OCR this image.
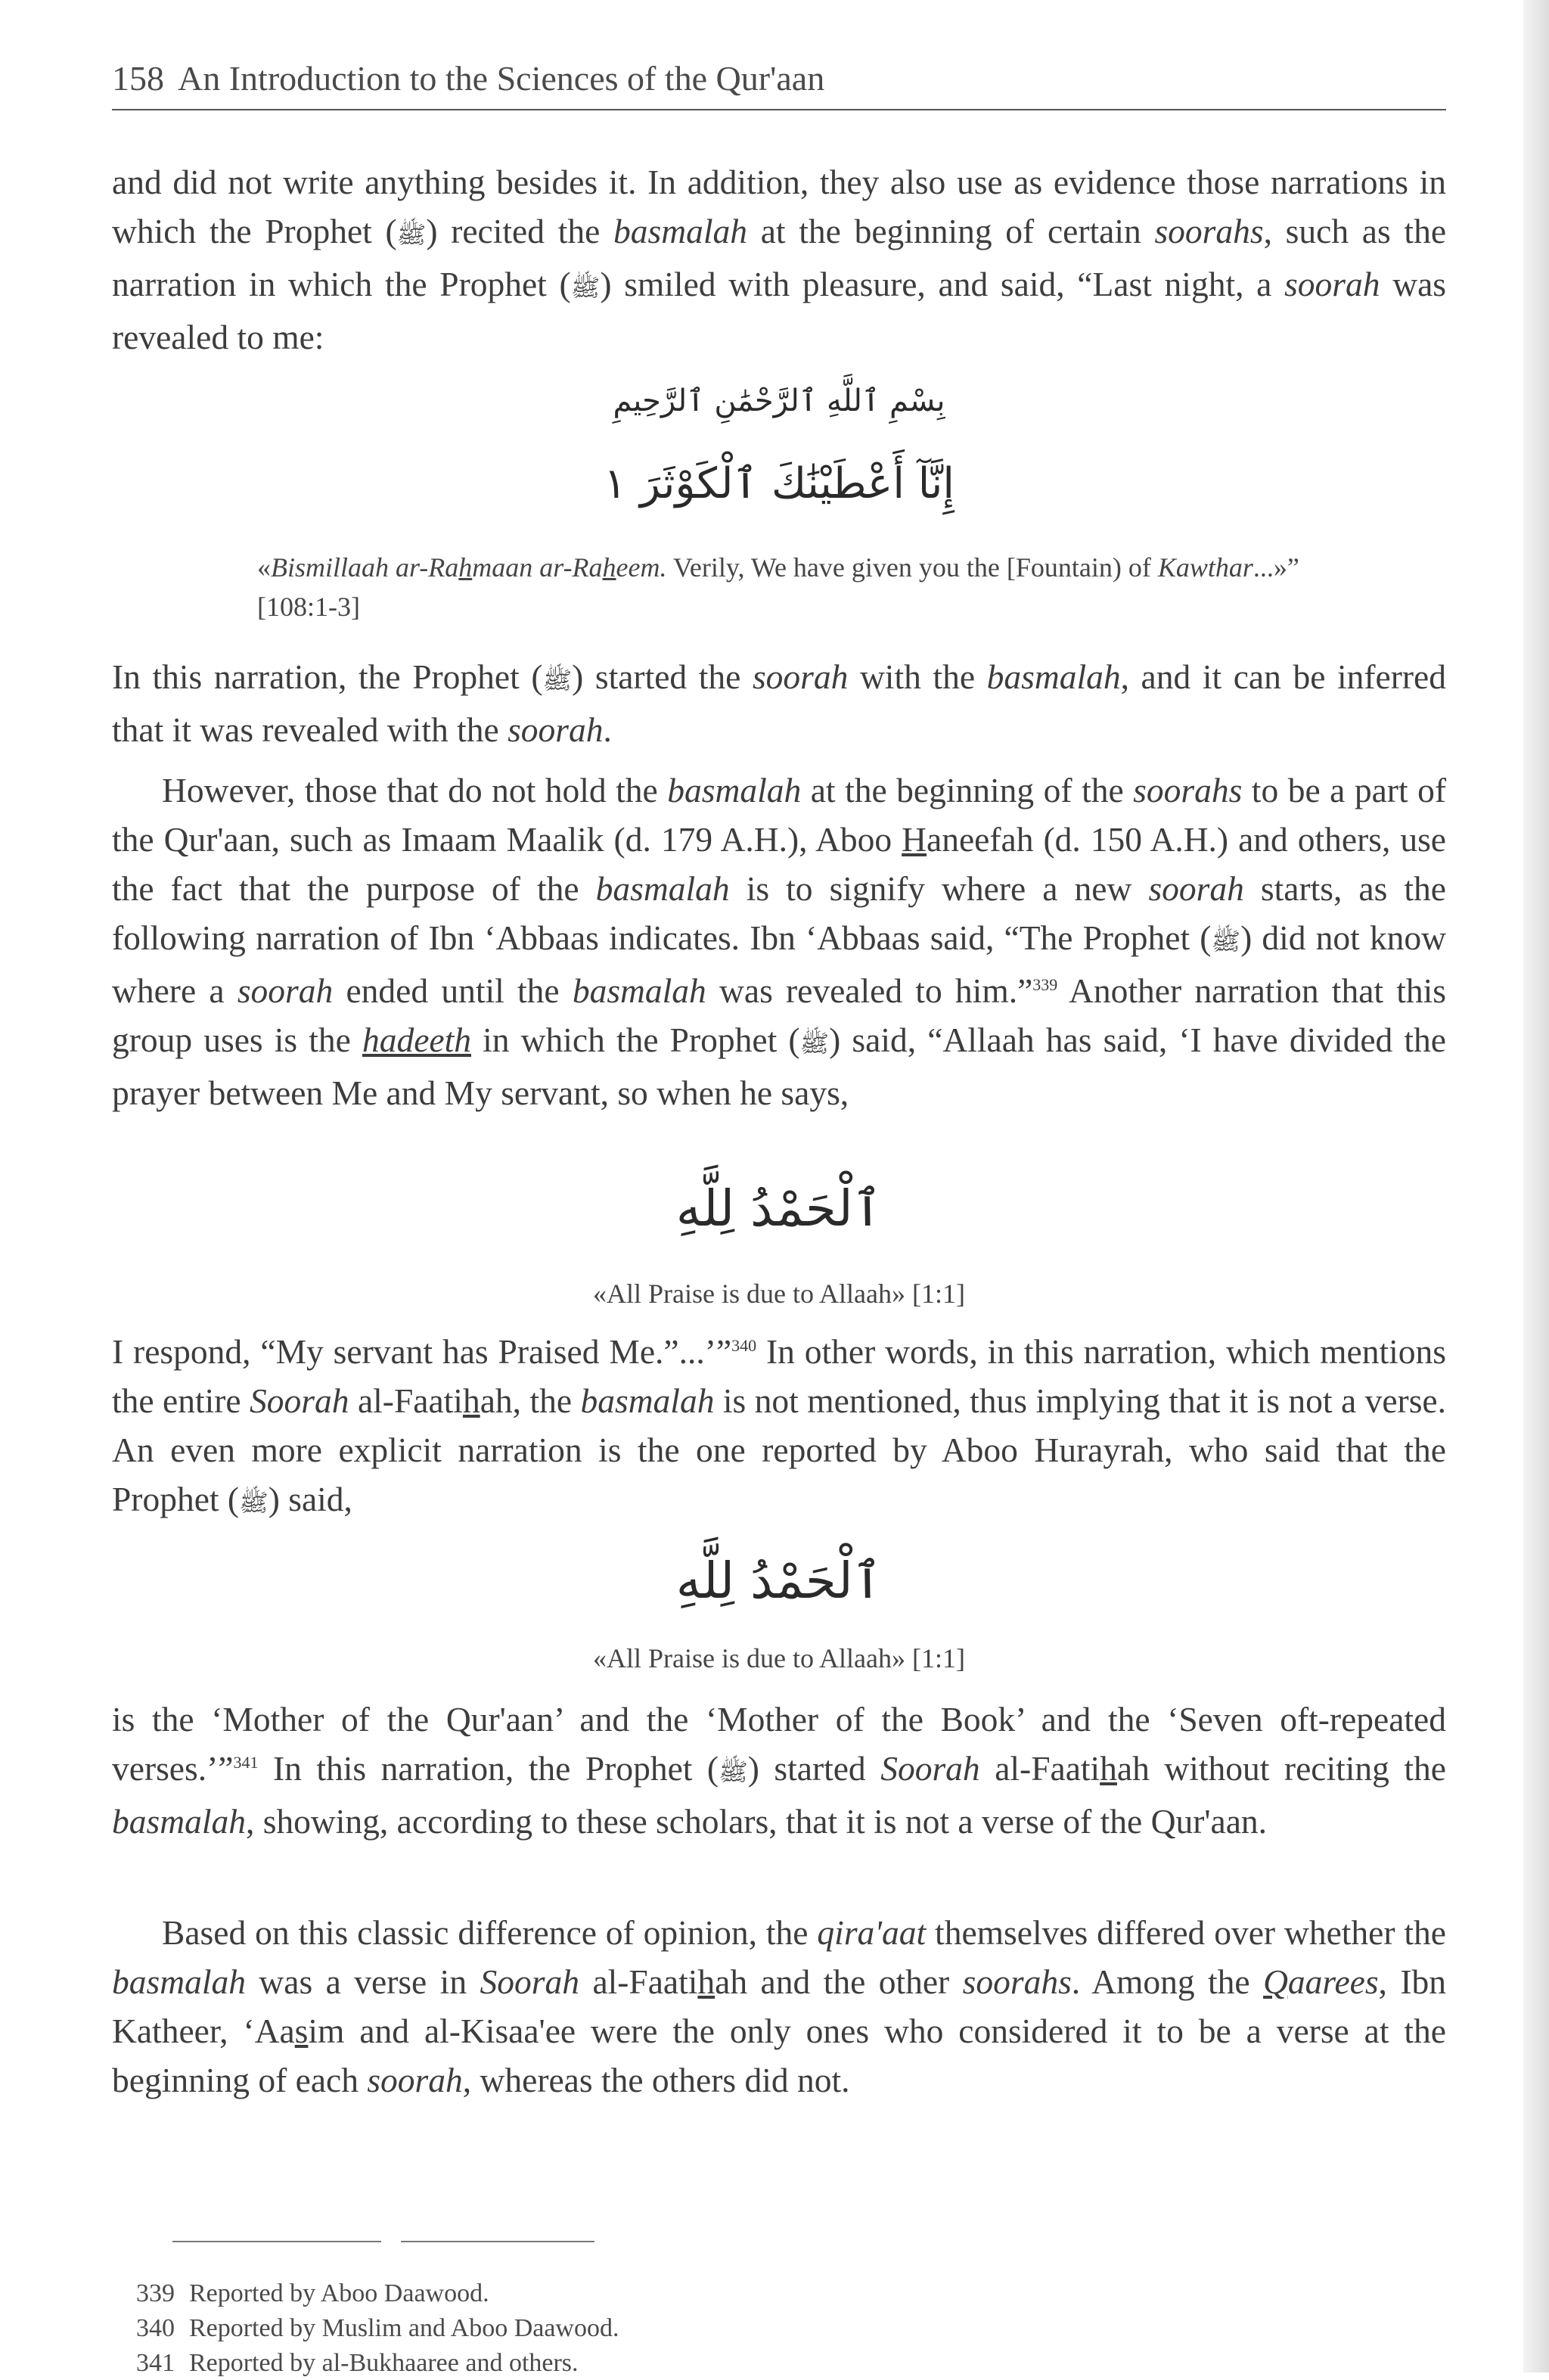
158 An Introduction to the Sciences of the Qur'aan
and did not write anything besides it. In addition, they also use as evidence those narrations in which the Prophet (ﷺ) recited the basmalah at the beginning of certain soorahs, such as the narration in which the Prophet (ﷺ) smiled with pleasure, and said, “Last night, a soorah was revealed to me:
بِسْمِ ٱللَّهِ ٱلرَّحْمَٰنِ ٱلرَّحِيمِ
إِنَّآ أَعْطَيْنَٰكَ ٱلْكَوْثَرَ ١
«Bismillaah ar-Rahmaan ar-Raheem. Verily, We have given you the [Fountain) of Kawthar...»” [108:1-3]
In this narration, the Prophet (ﷺ) started the soorah with the basmalah, and it can be inferred that it was revealed with the soorah.
However, those that do not hold the basmalah at the beginning of the soorahs to be a part of the Qur'aan, such as Imaam Maalik (d. 179 A.H.), Aboo Haneefah (d. 150 A.H.) and others, use the fact that the purpose of the basmalah is to signify where a new soorah starts, as the following narration of Ibn ‘Abbaas indicates. Ibn ‘Abbaas said, “The Prophet (ﷺ) did not know where a soorah ended until the basmalah was revealed to him.”$^{339}$ Another narration that this group uses is the hadeeth in which the Prophet (ﷺ) said, “Allaah has said, ‘I have divided the prayer between Me and My servant, so when he says,
ٱلْحَمْدُ لِلَّهِ
«All Praise is due to Allaah» [1:1]
I respond, “My servant has Praised Me.”...’”$^{340}$ In other words, in this narration, which mentions the entire Soorah al-Faatihah, the basmalah is not mentioned, thus implying that it is not a verse. An even more explicit narration is the one reported by Aboo Hurayrah, who said that the Prophet (ﷺ) said,
ٱلْحَمْدُ لِلَّهِ
«All Praise is due to Allaah» [1:1]
is the ‘Mother of the Qur'aan’ and the ‘Mother of the Book’ and the ‘Seven oft-repeated verses.’”$^{341}$ In this narration, the Prophet (ﷺ) started Soorah al-Faatihah without reciting the basmalah, showing, according to these scholars, that it is not a verse of the Qur'aan.
Based on this classic difference of opinion, the qira'aat themselves differed over whether the basmalah was a verse in Soorah al-Faatihah and the other soorahs. Among the Qaarees, Ibn Katheer, ‘Aasim and al-Kisaa'ee were the only ones who considered it to be a verse at the beginning of each soorah, whereas the others did not.
339 Reported by Aboo Daawood.
340 Reported by Muslim and Aboo Daawood.
341 Reported by al-Bukhaaree and others.
